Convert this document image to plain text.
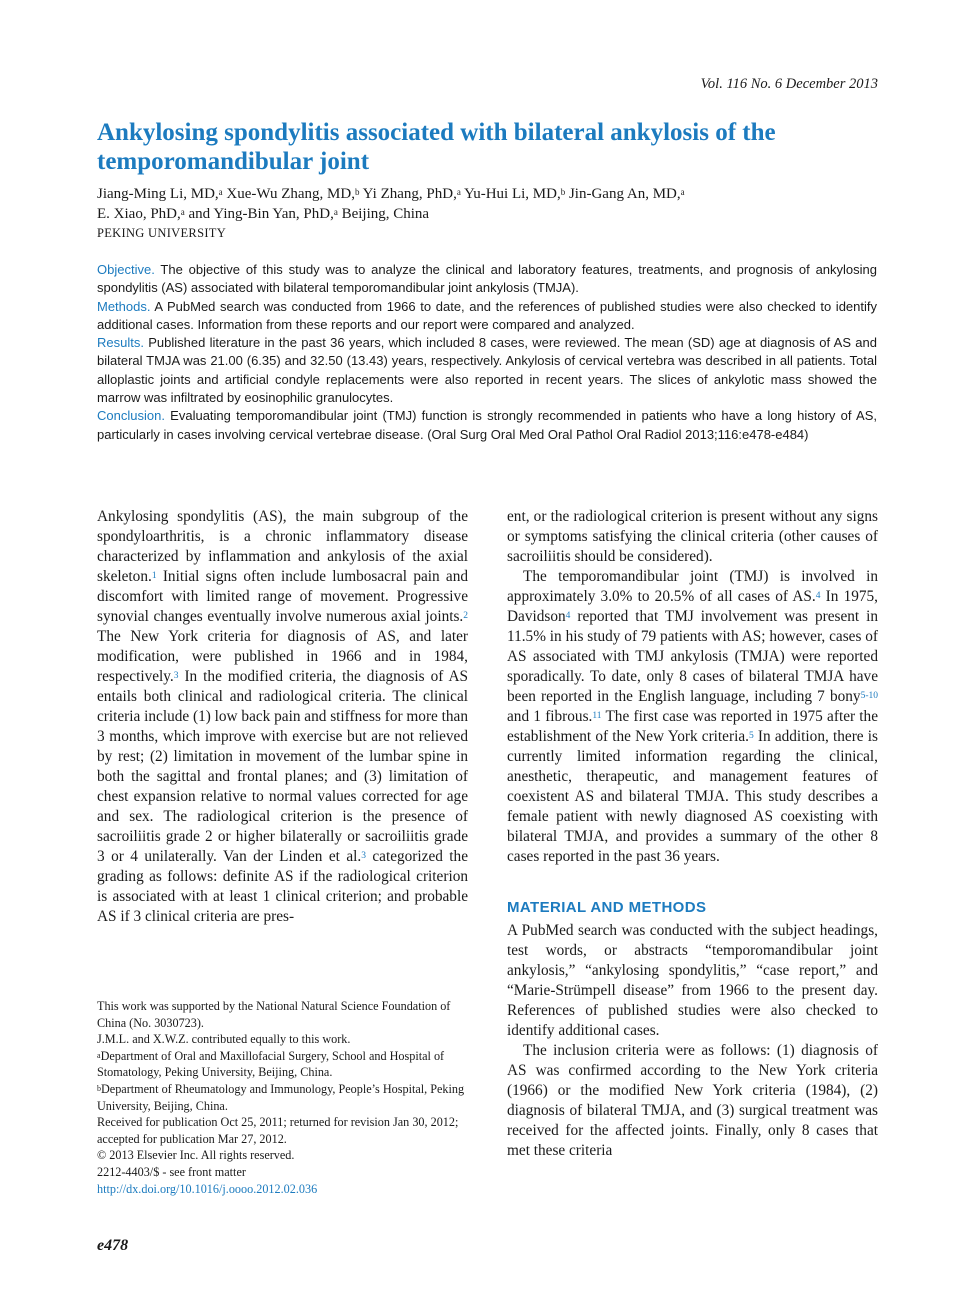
Vol. 116 No. 6 December 2013
Ankylosing spondylitis associated with bilateral ankylosis of the temporomandibular joint
Jiang-Ming Li, MD,$^a$ Xue-Wu Zhang, MD,$^b$ Yi Zhang, PhD,$^a$ Yu-Hui Li, MD,$^b$ Jin-Gang An, MD,$^a$
E. Xiao, PhD,$^a$ and Ying-Bin Yan, PhD,$^a$ Beijing, China
PEKING UNIVERSITY

Objective. The objective of this study was to analyze the clinical and laboratory features, treatments, and prognosis of ankylosing spondylitis (AS) associated with bilateral temporomandibular joint ankylosis (TMJA).

Methods. A PubMed search was conducted from 1966 to date, and the references of published studies were also checked to identify additional cases. Information from these reports and our report were compared and analyzed.

Results. Published literature in the past 36 years, which included 8 cases, were reviewed. The mean (SD) age at diagnosis of AS and bilateral TMJA was 21.00 (6.35) and 32.50 (13.43) years, respectively. Ankylosis of cervical vertebra was described in all patients. Total alloplastic joints and artificial condyle replacements were also reported in recent years. The slices of ankylotic mass showed the marrow was infiltrated by eosinophilic granulocytes.

Conclusion. Evaluating temporomandibular joint (TMJ) function is strongly recommended in patients who have a long history of AS, particularly in cases involving cervical vertebrae disease. (Oral Surg Oral Med Oral Pathol Oral Radiol 2013;116:e478-e484)

Ankylosing spondylitis (AS), the main subgroup of the spondyloarthritis, is a chronic inflammatory disease characterized by inflammation and ankylosis of the axial skeleton.$^1$ Initial signs often include lumbosacral pain and discomfort with limited range of movement. Progressive synovial changes eventually involve numerous axial joints.$^2$ The New York criteria for diagnosis of AS, and later modification, were published in 1966 and in 1984, respectively.$^3$ In the modified criteria, the diagnosis of AS entails both clinical and radiological criteria. The clinical criteria include (1) low back pain and stiffness for more than 3 months, which improve with exercise but are not relieved by rest; (2) limitation in movement of the lumbar spine in both the sagittal and frontal planes; and (3) limitation of chest expansion relative to normal values corrected for age and sex. The radiological criterion is the presence of sacroiliitis grade 2 or higher bilaterally or sacroiliitis grade 3 or 4 unilaterally. Van der Linden et al.$^3$ categorized the grading as follows: definite AS if the radiological criterion is associated with at least 1 clinical criterion; and probable AS if 3 clinical criteria are pres-

ent, or the radiological criterion is present without any signs or symptoms satisfying the clinical criteria (other causes of sacroiliitis should be considered).

The temporomandibular joint (TMJ) is involved in approximately 3.0% to 20.5% of all cases of AS.$^4$ In 1975, Davidson$^4$ reported that TMJ involvement was present in 11.5% in his study of 79 patients with AS; however, cases of AS associated with TMJ ankylosis (TMJA) were reported sporadically. To date, only 8 cases of bilateral TMJA have been reported in the English language, including 7 bony$^{5-10}$ and 1 fibrous.$^{11}$ The first case was reported in 1975 after the establishment of the New York criteria.$^5$ In addition, there is currently limited information regarding the clinical, anesthetic, therapeutic, and management features of coexistent AS and bilateral TMJA. This study describes a female patient with newly diagnosed AS coexisting with bilateral TMJA, and provides a summary of the other 8 cases reported in the past 36 years.

MATERIAL AND METHODS

A PubMed search was conducted with the subject headings, test words, or abstracts “temporomandibular joint ankylosis,” “ankylosing spondylitis,” “case report,” and “Marie-Strümpell disease” from 1966 to the present day. References of published studies were also checked to identify additional cases.

The inclusion criteria were as follows: (1) diagnosis of AS was confirmed according to the New York criteria (1966) or the modified New York criteria (1984), (2) diagnosis of bilateral TMJA, and (3) surgical treatment was received for the affected joints. Finally, only 8 cases that met these criteria

This work was supported by the National Natural Science Foundation of China (No. 3030723).

J.M.L. and X.W.Z. contributed equally to this work.

$^a$Department of Oral and Maxillofacial Surgery, School and Hospital of Stomatology, Peking University, Beijing, China.

$^b$Department of Rheumatology and Immunology, People’s Hospital, Peking University, Beijing, China.

Received for publication Oct 25, 2011; returned for revision Jan 30, 2012; accepted for publication Mar 27, 2012.

© 2013 Elsevier Inc. All rights reserved.

2212-4403/$ - see front matter

http://dx.doi.org/10.1016/j.oooo.2012.02.036

e478
